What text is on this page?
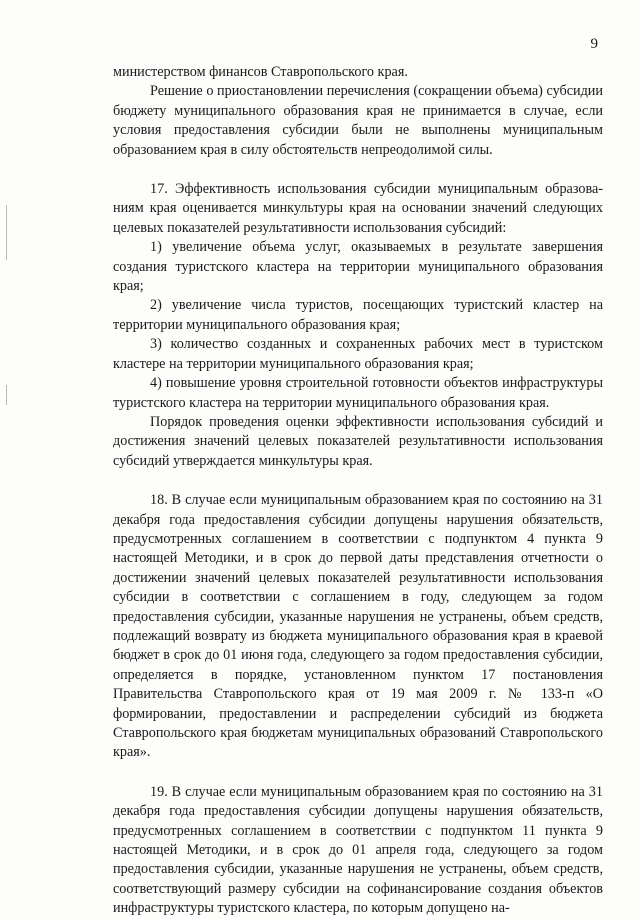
9

министерством финансов Ставропольского края.

Решение о приостановлении перечисления (сокращении объема) субсидии бюджету муниципального образования края не принимается в случае, если условия предоставления субсидии были не выполнены муниципальным образованием края в силу обстоятельств непреодолимой силы.

17. Эффективность использования субсидии муниципальным образованиям края оценивается минкультуры края на основании значений следующих целевых показателей результативности использования субсидий:

1) увеличение объема услуг, оказываемых в результате завершения создания туристского кластера на территории муниципального образования края;

2) увеличение числа туристов, посещающих туристский кластер на территории муниципального образования края;

3) количество созданных и сохраненных рабочих мест в туристском кластере на территории муниципального образования края;

4) повышение уровня строительной готовности объектов инфраструктуры туристского кластера на территории муниципального образования края.

Порядок проведения оценки эффективности использования субсидий и достижения значений целевых показателей результативности использования субсидий утверждается минкультуры края.

18. В случае если муниципальным образованием края по состоянию на 31 декабря года предоставления субсидии допущены нарушения обязательств, предусмотренных соглашением в соответствии с подпунктом 4 пункта 9 настоящей Методики, и в срок до первой даты представления отчетности о достижении значений целевых показателей результативности использования субсидии в соответствии с соглашением в году, следующем за годом предоставления субсидии, указанные нарушения не устранены, объем средств, подлежащий возврату из бюджета муниципального образования края в краевой бюджет в срок до 01 июня года, следующего за годом предоставления субсидии, определяется в порядке, установленном пунктом 17 постановления Правительства Ставропольского края от 19 мая 2009 г. № 133-п «О формировании, предоставлении и распределении субсидий из бюджета Ставропольского края бюджетам муниципальных образований Ставропольского края».

19. В случае если муниципальным образованием края по состоянию на 31 декабря года предоставления субсидии допущены нарушения обязательств, предусмотренных соглашением в соответствии с подпунктом 11 пункта 9 настоящей Методики, и в срок до 01 апреля года, следующего за годом предоставления субсидии, указанные нарушения не устранены, объем средств, соответствующий размеру субсидии на софинансирование создания объектов инфраструктуры туристского кластера, по которым допущено на-
